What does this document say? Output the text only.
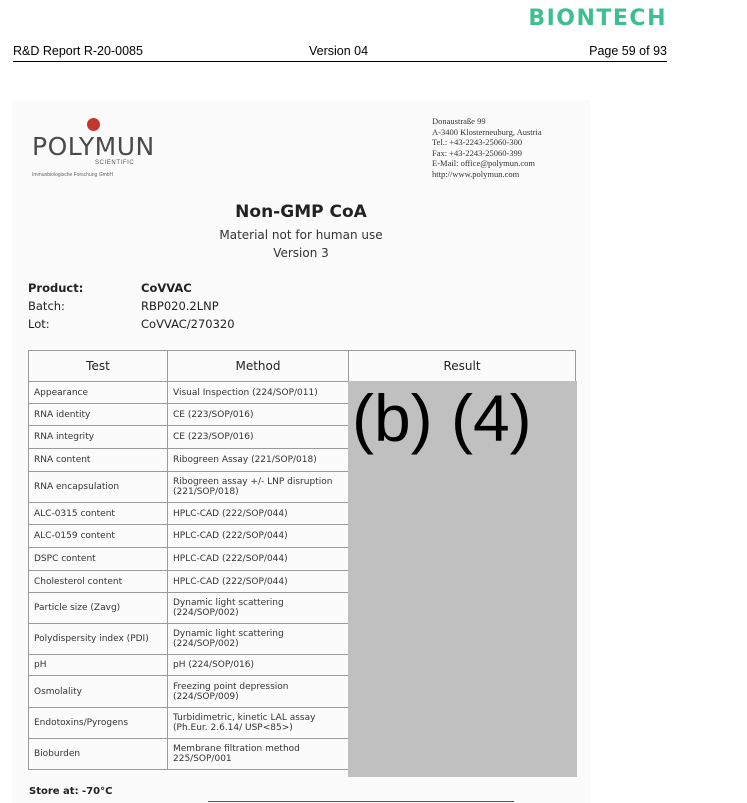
BIONTECH
R&D Report R-20-0085	Version 04	Page 59 of 93
POLYMUN
SCIENTIFIC
Immunbiologische Forschung GmbH
Donaustraße 99
A-3400 Klosterneuburg, Austria
Tel.: +43-2243-25060-300
Fax: +43-2243-25060-399
E-Mail: office@polymun.com
http://www.polymun.com
Non-GMP CoA
Material not for human use
Version 3
Product:	CoVVAC
Batch:	RBP020.2LNP
Lot:	CoVVAC/270320
Test	Method	Result
Appearance	Visual Inspection (224/SOP/011)	
RNA identity	CE (223/SOP/016)	
RNA integrity	CE (223/SOP/016)	
RNA content	Ribogreen Assay (221/SOP/018)	
RNA encapsulation	Ribogreen assay +/- LNP disruption (221/SOP/018)	
ALC-0315 content	HPLC-CAD (222/SOP/044)	
ALC-0159 content	HPLC-CAD (222/SOP/044)	
DSPC content	HPLC-CAD (222/SOP/044)	
Cholesterol content	HPLC-CAD (222/SOP/044)	
Particle size (Zavg)	Dynamic light scattering (224/SOP/002)	
Polydispersity index (PDI)	Dynamic light scattering (224/SOP/002)	
pH	pH (224/SOP/016)	
Osmolality	Freezing point depression (224/SOP/009)	
Endotoxins/Pyrogens	Turbidimetric, kinetic LAL assay (Ph.Eur. 2.6.14/ USP<85>)	
Bioburden	Membrane filtration method 225/SOP/001	
(b) (4)
Store at: -70°C
